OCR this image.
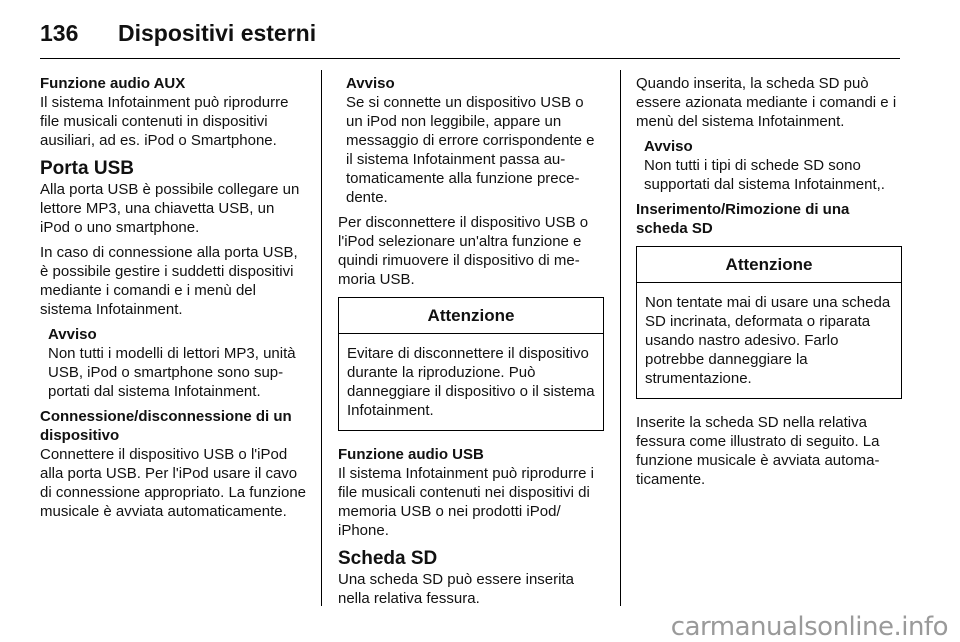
136 Dispositivi esterni

Funzione audio AUX

Il sistema Infotainment può riprodurre file musicali contenuti in dispositivi ausiliari, ad es. iPod o Smartphone.

Porta USB

Alla porta USB è possibile collegare un lettore MP3, una chiavetta USB, un iPod o uno smartphone.

In caso di connessione alla porta USB, è possibile gestire i suddetti dispositivi mediante i comandi e i menù del sistema Infotainment.

Avviso
Non tutti i modelli di lettori MP3, unità USB, iPod o smartphone sono supportati dal sistema Infotainment.

Connessione/disconnessione di un dispositivo

Connettere il dispositivo USB o l'iPod alla porta USB. Per l'iPod usare il cavo di connessione appropriato. La funzione musicale è avviata automaticamente.

Avviso
Se si connette un dispositivo USB o un iPod non leggibile, appare un messaggio di errore corrispondente e il sistema Infotainment passa automaticamente alla funzione precedente.

Per disconnettere il dispositivo USB o l'iPod selezionare un'altra funzione e quindi rimuovere il dispositivo di memoria USB.

Attenzione
Evitare di disconnettere il dispositivo durante la riproduzione. Può danneggiare il dispositivo o il sistema Infotainment.

Funzione audio USB

Il sistema Infotainment può riprodurre i file musicali contenuti nei dispositivi di memoria USB o nei prodotti iPod/ iPhone.

Scheda SD

Una scheda SD può essere inserita nella relativa fessura.

Quando inserita, la scheda SD può essere azionata mediante i comandi e i menù del sistema Infotainment.

Avviso
Non tutti i tipi di schede SD sono supportati dal sistema Infotainment,.

Inserimento/Rimozione di una scheda SD

Attenzione
Non tentate mai di usare una scheda SD incrinata, deformata o riparata usando nastro adesivo. Farlo potrebbe danneggiare la strumentazione.

Inserite la scheda SD nella relativa fessura come illustrato di seguito. La funzione musicale è avviata automaticamente.

carmanualsonline.info
